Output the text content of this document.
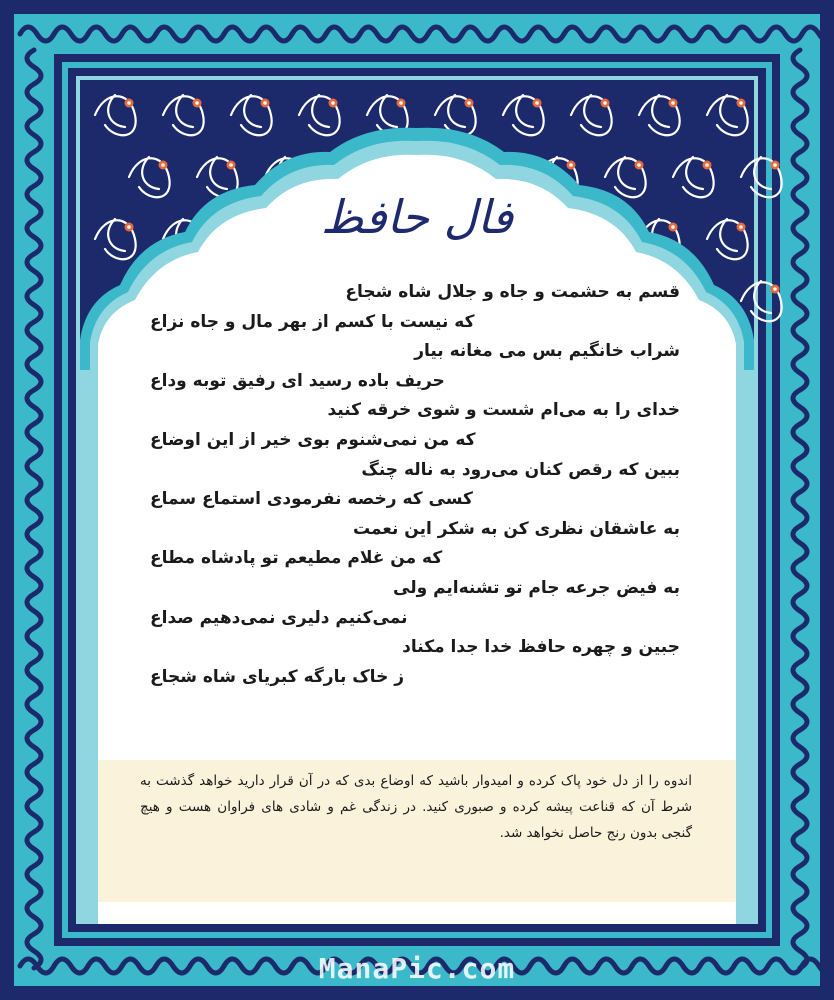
فال حافظ
قسم به حشمت و جاه و جلال شاه شجاع
که نیست با کسم از بهر مال و جاه نزاع
شراب خانگیم بس می مغانه بیار
حریف باده رسید ای رفیق توبه وداع
خدای را به می‌ام شست و شوی خرقه کنید
که من نمی‌شنوم بوی خیر از این اوضاع
ببین که رقص کنان می‌رود به ناله چنگ
کسی که رخصه نفرمودی استماع سماع
به عاشقان نظری کن به شکر این نعمت
که من غلام مطیعم تو پادشاه مطاع
به فیض جرعه جام تو تشنه‌ایم ولی
نمی‌کنیم دلیری نمی‌دهیم صداع
جبین و چهره حافظ خدا جدا مکناد
ز خاک بارگه کبریای شاه شجاع
اندوه را از دل خود پاک کرده و امیدوار باشید که اوضاع بدی که در آن قرار دارید خواهد گذشت به شرط آن که قناعت پیشه کرده و صبوری کنید. در زندگی غم و شادی های فراوان هست و هیچ گنجی بدون رنج حاصل نخواهد شد.
ManaPic.com
